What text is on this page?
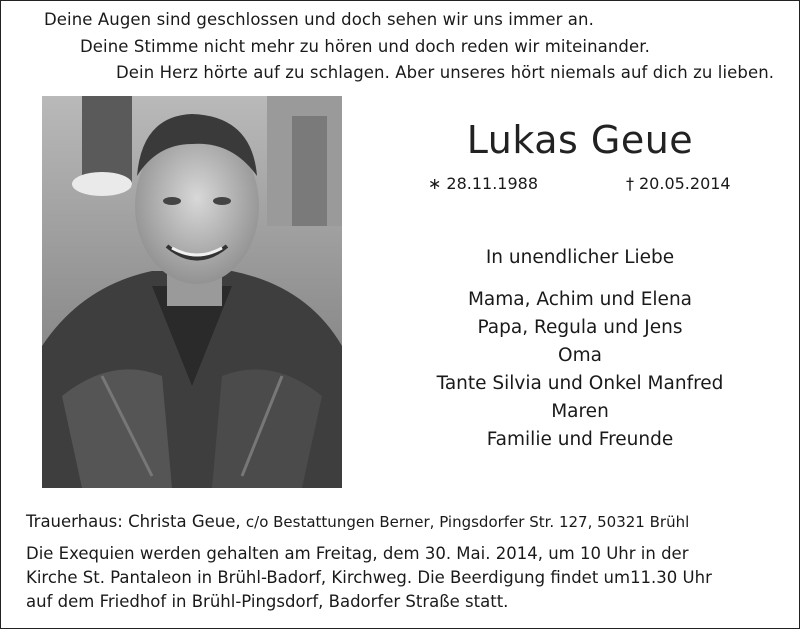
Deine Augen sind geschlossen und doch sehen wir uns immer an.
Deine Stimme nicht mehr zu hören und doch reden wir miteinander.
Dein Herz hörte auf zu schlagen. Aber unseres hört niemals auf dich zu lieben.
Lukas Geue
∗ 28.11.1988	† 20.05.2014
In unendlicher Liebe
Mama, Achim und Elena
Papa, Regula und Jens
Oma
Tante Silvia und Onkel Manfred
Maren
Familie und Freunde
Trauerhaus: Christa Geue, c/o Bestattungen Berner, Pingsdorfer Str. 127, 50321 Brühl
Die Exequien werden gehalten am Freitag, dem 30. Mai. 2014, um 10 Uhr in der
Kirche St. Pantaleon in Brühl-Badorf, Kirchweg. Die Beerdigung findet um11.30 Uhr
auf dem Friedhof in Brühl-Pingsdorf, Badorfer Straße statt.
